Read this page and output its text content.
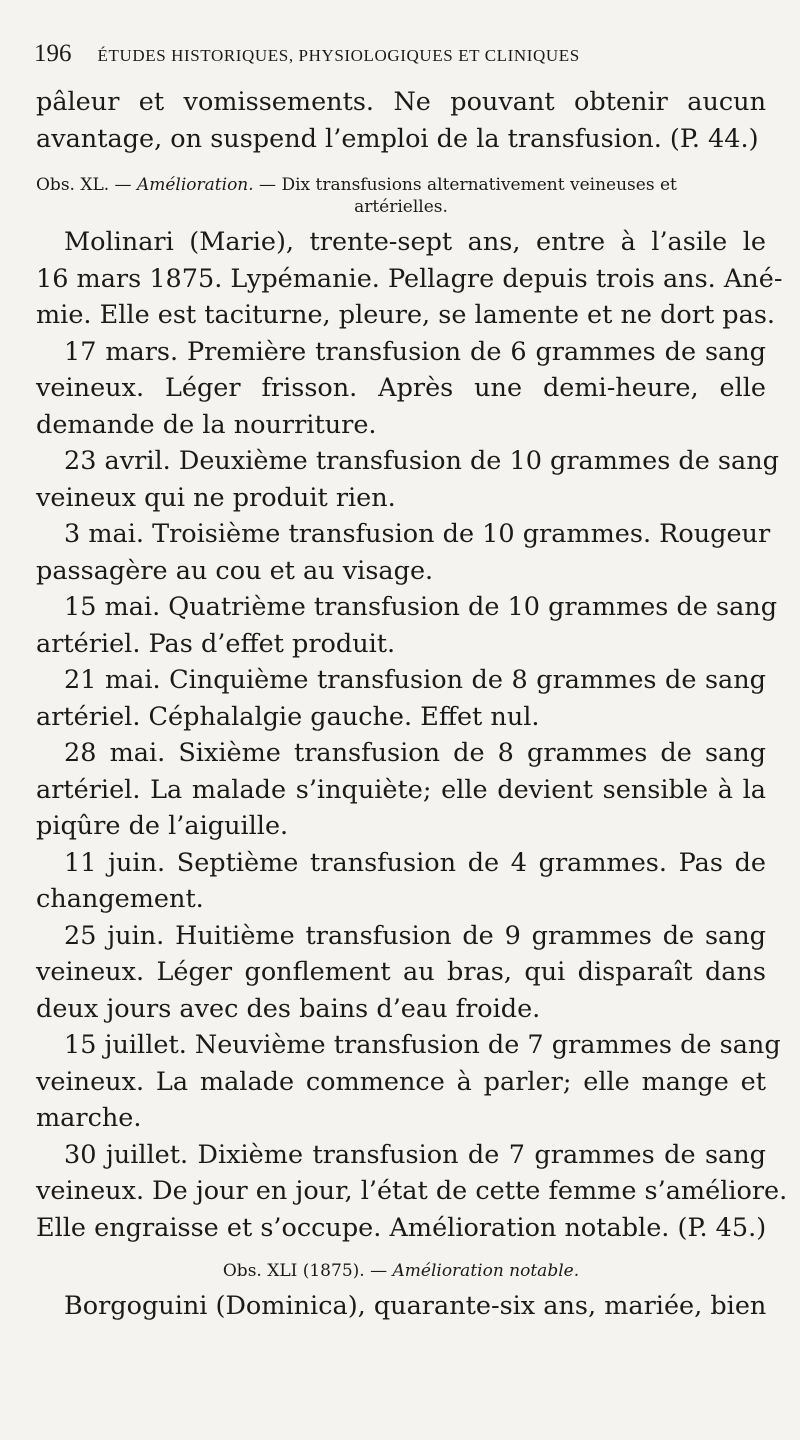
196 ÉTUDES HISTORIQUES, PHYSIOLOGIQUES ET CLINIQUES
pâleur et vomissements. Ne pouvant obtenir aucun
avantage, on suspend l’emploi de la transfusion. (P. 44.)
Obs. XL. — Amélioration. — Dix transfusions alternativement veineuses et
artérielles.
Molinari (Marie), trente-sept ans, entre à l’asile le
16 mars 1875. Lypémanie. Pellagre depuis trois ans. Ané-
mie. Elle est taciturne, pleure, se lamente et ne dort pas.
17 mars. Première transfusion de 6 grammes de sang
veineux. Léger frisson. Après une demi-heure, elle
demande de la nourriture.
23 avril. Deuxième transfusion de 10 grammes de sang
veineux qui ne produit rien.
3 mai. Troisième transfusion de 10 grammes. Rougeur
passagère au cou et au visage.
15 mai. Quatrième transfusion de 10 grammes de sang
artériel. Pas d’effet produit.
21 mai. Cinquième transfusion de 8 grammes de sang
artériel. Céphalalgie gauche. Effet nul.
28 mai. Sixième transfusion de 8 grammes de sang
artériel. La malade s’inquiète; elle devient sensible à la
piqûre de l’aiguille.
11 juin. Septième transfusion de 4 grammes. Pas de
changement.
25 juin. Huitième transfusion de 9 grammes de sang
veineux. Léger gonflement au bras, qui disparaît dans
deux jours avec des bains d’eau froide.
15 juillet. Neuvième transfusion de 7 grammes de sang
veineux. La malade commence à parler; elle mange et
marche.
30 juillet. Dixième transfusion de 7 grammes de sang
veineux. De jour en jour, l’état de cette femme s’améliore.
Elle engraisse et s’occupe. Amélioration notable. (P. 45.)
Obs. XLI (1875). — Amélioration notable.
Borgoguini (Dominica), quarante-six ans, mariée, bien
